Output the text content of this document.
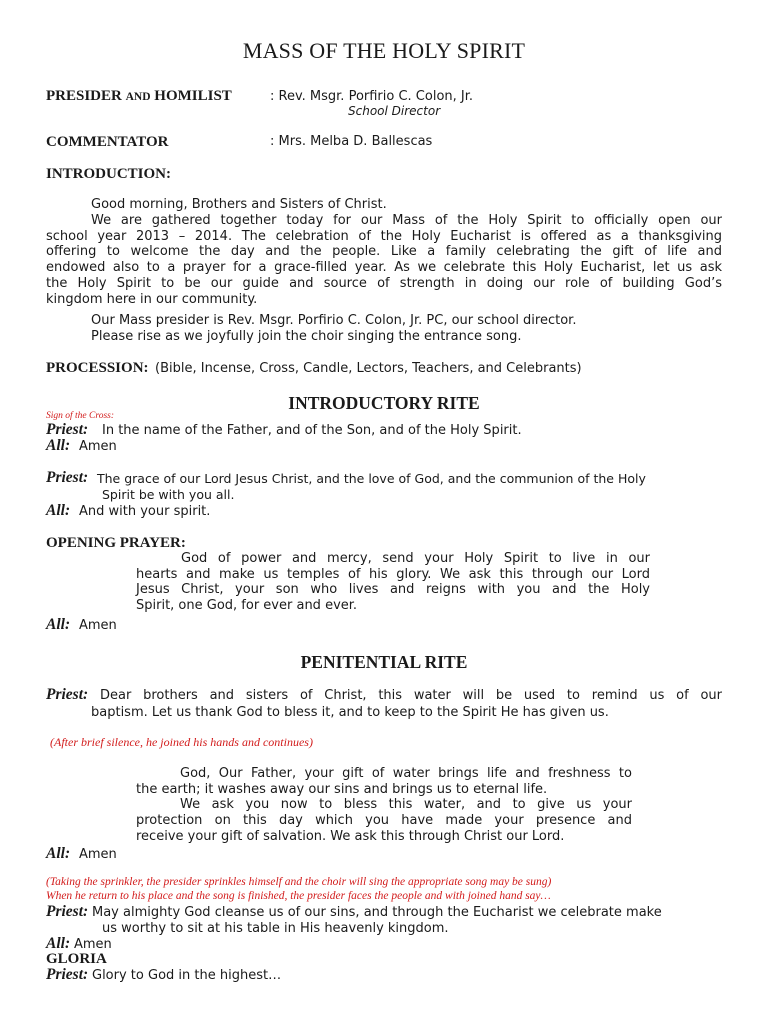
MASS OF THE HOLY SPIRIT
PRESIDER AND HOMILIST	: Rev. Msgr. Porfirio C. Colon, Jr.
School Director
COMMENTATOR	: Mrs. Melba D. Ballescas
INTRODUCTION:
Good morning, Brothers and Sisters of Christ.
We are gathered together today for our Mass of the Holy Spirit to officially open our
school year 2013 – 2014. The celebration of the Holy Eucharist is offered as a thanksgiving
offering to welcome the day and the people. Like a family celebrating the gift of life and
endowed also to a prayer for a grace-filled year. As we celebrate this Holy Eucharist, let us ask
the Holy Spirit to be our guide and source of strength in doing our role of building God’s
kingdom here in our community.
Our Mass presider is Rev. Msgr. Porfirio C. Colon, Jr. PC, our school director.
Please rise as we joyfully join the choir singing the entrance song.
PROCESSION: (Bible, Incense, Cross, Candle, Lectors, Teachers, and Celebrants)
INTRODUCTORY RITE
Sign of the Cross:
Priest: In the name of the Father, and of the Son, and of the Holy Spirit.
All: Amen
Priest: The grace of our Lord Jesus Christ, and the love of God, and the communion of the Holy
Spirit be with you all.
All: And with your spirit.
OPENING PRAYER:
God of power and mercy, send your Holy Spirit to live in our
hearts and make us temples of his glory. We ask this through our Lord
Jesus Christ, your son who lives and reigns with you and the Holy
Spirit, one God, for ever and ever.
All: Amen
PENITENTIAL RITE
Priest: Dear brothers and sisters of Christ, this water will be used to remind us of our
baptism. Let us thank God to bless it, and to keep to the Spirit He has given us.
(After brief silence, he joined his hands and continues)
God, Our Father, your gift of water brings life and freshness to
the earth; it washes away our sins and brings us to eternal life.
We ask you now to bless this water, and to give us your
protection on this day which you have made your presence and
receive your gift of salvation. We ask this through Christ our Lord.
All: Amen
(Taking the sprinkler, the presider sprinkles himself and the choir will sing the appropriate song may be sung)
When he return to his place and the song is finished, the presider faces the people and with joined hand say…
Priest: May almighty God cleanse us of our sins, and through the Eucharist we celebrate make
us worthy to sit at his table in His heavenly kingdom.
All: Amen
GLORIA
Priest: Glory to God in the highest…
